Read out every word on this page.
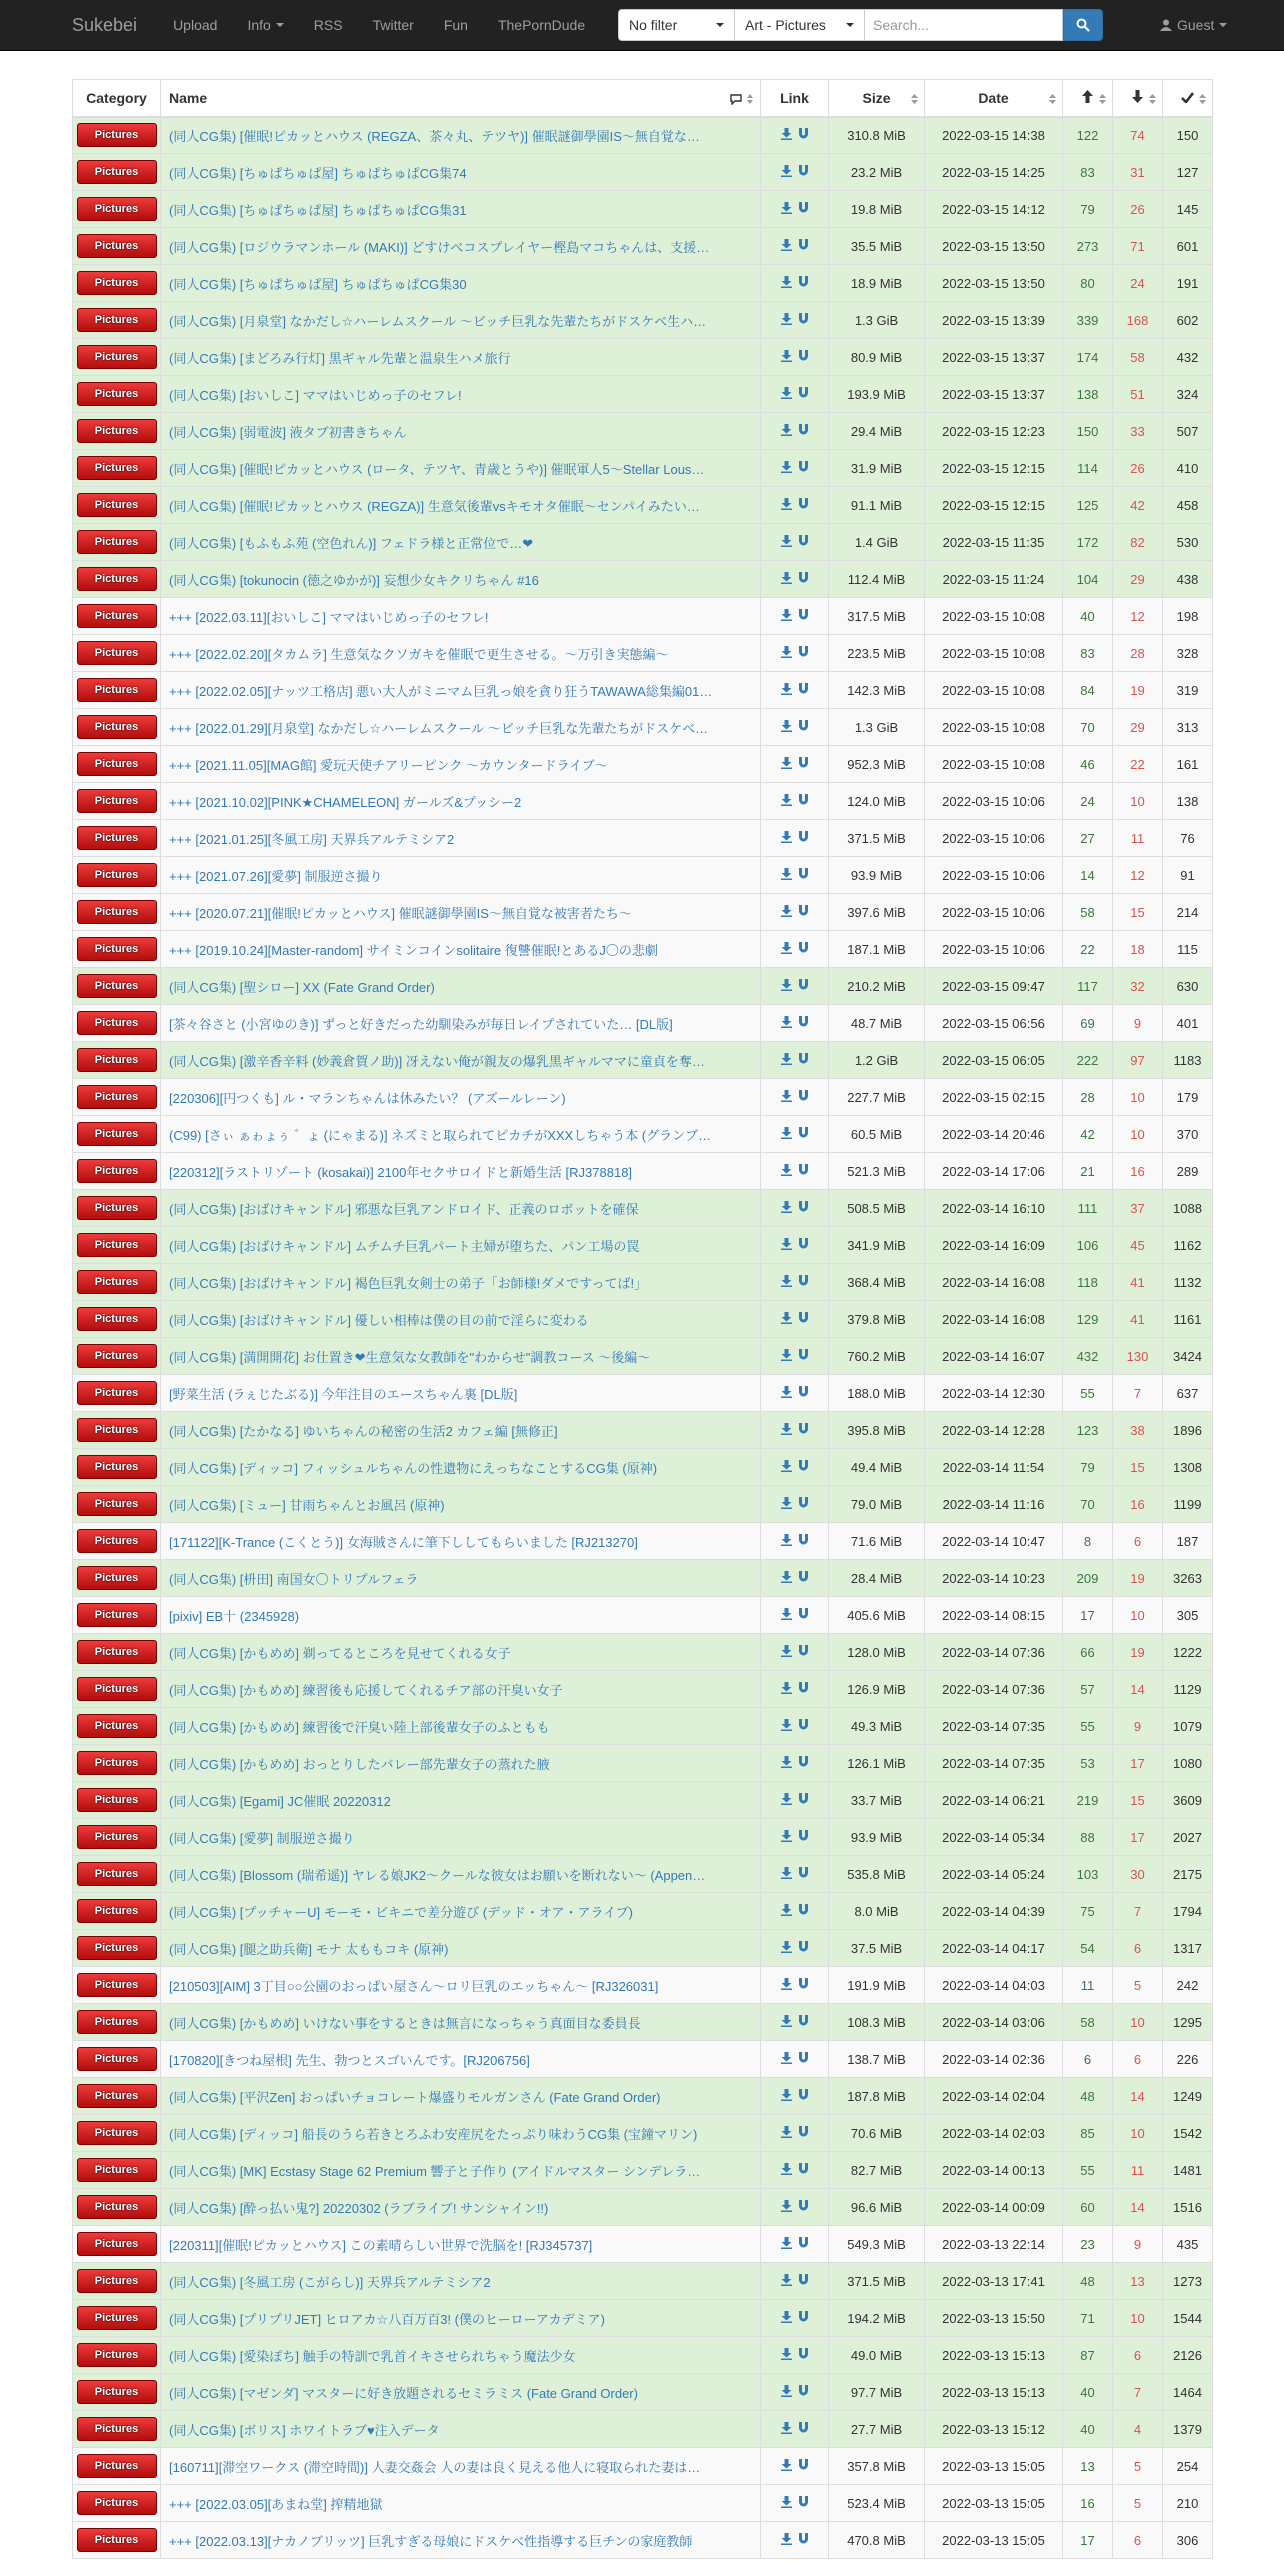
Sukebei	Upload Info	RSS Twitter Fun ThePornDude	No filter	Art - Pictures	Search...	Guest
Category	Name	Link	Size	Date

Pictures	(同人CG集) [催眠!ピカッとハウス (REGZA、茶々丸、テツヤ)] 催眠謎御學園IS～無自覚な…		310.8 MiB	2022-03-15 14:38	122	74	150
Pictures	(同人CG集) [ちゅぱちゅぱ屋] ちゅぱちゅぱCG集74		23.2 MiB	2022-03-15 14:25	83	31	127
Pictures	(同人CG集) [ちゅぱちゅぱ屋] ちゅぱちゅぱCG集31		19.8 MiB	2022-03-15 14:12	79	26	145
Pictures	(同人CG集) [ロジウラマンホール (MAKI)] どすけべコスプレイヤー樫島マコちゃんは、支援…		35.5 MiB	2022-03-15 13:50	273	71	601
Pictures	(同人CG集) [ちゅぱちゅぱ屋] ちゅぱちゅぱCG集30		18.9 MiB	2022-03-15 13:50	80	24	191
Pictures	(同人CG集) [月泉堂] なかだし☆ハーレムスクール ～ビッチ巨乳な先輩たちがドスケベ生ハ…		1.3 GiB	2022-03-15 13:39	339	168	602
Pictures	(同人CG集) [まどろみ行灯] 黒ギャル先輩と温泉生ハメ旅行		80.9 MiB	2022-03-15 13:37	174	58	432
Pictures	(同人CG集) [おいしこ] ママはいじめっ子のセフレ!		193.9 MiB	2022-03-15 13:37	138	51	324
Pictures	(同人CG集) [弱電波] 液タブ初書きちゃん		29.4 MiB	2022-03-15 12:23	150	33	507
Pictures	(同人CG集) [催眠!ピカッとハウス (ロータ、テツヤ、青歳とうや)] 催眠軍人5～Stellar Lous…		31.9 MiB	2022-03-15 12:15	114	26	410
Pictures	(同人CG集) [催眠!ピカッとハウス (REGZA)] 生意気後輩vsキモオタ催眠～センパイみたい…		91.1 MiB	2022-03-15 12:15	125	42	458
Pictures	(同人CG集) [もふもふ苑 (空色れん)] フェドラ様と正常位で…❤		1.4 GiB	2022-03-15 11:35	172	82	530
Pictures	(同人CG集) [tokunocin (徳之ゆかが)] 妄想少女キクリちゃん #16		112.4 MiB	2022-03-15 11:24	104	29	438
Pictures	+++ [2022.03.11][おいしこ] ママはいじめっ子のセフレ!		317.5 MiB	2022-03-15 10:08	40	12	198
Pictures	+++ [2022.02.20][タカムラ] 生意気なクソガキを催眠で更生させる。～万引き実態編～		223.5 MiB	2022-03-15 10:08	83	28	328
Pictures	+++ [2022.02.05][ナッツ工格店] 悪い大人がミニマム巨乳っ娘を貪り狂うTAWAWA総集編01…		142.3 MiB	2022-03-15 10:08	84	19	319
Pictures	+++ [2022.01.29][月泉堂] なかだし☆ハーレムスクール ～ビッチ巨乳な先輩たちがドスケベ…		1.3 GiB	2022-03-15 10:08	70	29	313
Pictures	+++ [2021.11.05][MAG館] 愛玩天使チアリーピンク ～カウンタードライブ～		952.3 MiB	2022-03-15 10:08	46	22	161
Pictures	+++ [2021.10.02][PINK★CHAMELEON] ガールズ&プッシー2		124.0 MiB	2022-03-15 10:06	24	10	138
Pictures	+++ [2021.01.25][冬風工房] 天界兵アルテミシア2		371.5 MiB	2022-03-15 10:06	27	11	76
Pictures	+++ [2021.07.26][愛夢] 制服逆さ撮り		93.9 MiB	2022-03-15 10:06	14	12	91
Pictures	+++ [2020.07.21][催眠!ピカッとハウス] 催眠謎御學園IS～無自覚な被害者たち～		397.6 MiB	2022-03-15 10:06	58	15	214
Pictures	+++ [2019.10.24][Master-random] サイミンコインsolitaire 復讐催眠!とあるJ〇の悲劇		187.1 MiB	2022-03-15 10:06	22	18	115
Pictures	(同人CG集) [聖シロー] XX (Fate Grand Order)		210.2 MiB	2022-03-15 09:47	117	32	630
Pictures	[茶々谷さと (小宮ゆのき)] ずっと好きだった幼馴染みが毎日レイプされていた… [DL版]		48.7 MiB	2022-03-15 06:56	69	9	401
Pictures	(同人CG集) [激辛香辛料 (妙義倉賀ノ助)] 冴えない俺が親友の爆乳黒ギャルママに童貞を奪…		1.2 GiB	2022-03-15 06:05	222	97	1183
Pictures	[220306][円つくも] ル・マランちゃんは休みたい？ (アズールレーン)		227.7 MiB	2022-03-15 02:15	28	10	179
Pictures	(C99) [さぃ ぁゎょぅ ゛ょ (にゃまる)] ネズミと取られてピカチがXXXしちゃう本 (グランブ…		60.5 MiB	2022-03-14 20:46	42	10	370
Pictures	[220312][ラストリゾート (kosakai)] 2100年セクサロイドと新婚生活 [RJ378818]		521.3 MiB	2022-03-14 17:06	21	16	289
Pictures	(同人CG集) [おばけキャンドル] 邪悪な巨乳アンドロイド、正義のロボットを確保		508.5 MiB	2022-03-14 16:10	111	37	1088
Pictures	(同人CG集) [おばけキャンドル] ムチムチ巨乳パート主婦が堕ちた、パン工場の罠		341.9 MiB	2022-03-14 16:09	106	45	1162
Pictures	(同人CG集) [おばけキャンドル] 褐色巨乳女剣士の弟子「お師様!ダメですってば!」		368.4 MiB	2022-03-14 16:08	118	41	1132
Pictures	(同人CG集) [おばけキャンドル] 優しい相棒は僕の目の前で淫らに変わる		379.8 MiB	2022-03-14 16:08	129	41	1161
Pictures	(同人CG集) [満開開花] お仕置き❤生意気な女教師を"わからせ"調教コース ～後編～		760.2 MiB	2022-03-14 16:07	432	130	3424
Pictures	[野菜生活 (ラぇじたぶる)] 今年注目のエースちゃん裏 [DL版]		188.0 MiB	2022-03-14 12:30	55	7	637
Pictures	(同人CG集) [たかなる] ゆいちゃんの秘密の生活2 カフェ編 [無修正]		395.8 MiB	2022-03-14 12:28	123	38	1896
Pictures	(同人CG集) [ディッコ] フィッシュルちゃんの性遺物にえっちなことするCG集 (原神)		49.4 MiB	2022-03-14 11:54	79	15	1308
Pictures	(同人CG集) [ミュー] 甘雨ちゃんとお風呂 (原神)		79.0 MiB	2022-03-14 11:16	70	16	1199
Pictures	[171122][K-Trance (こくとう)] 女海賊さんに筆下ししてもらいました [RJ213270]		71.6 MiB	2022-03-14 10:47	8	6	187
Pictures	(同人CG集) [枡田] 南国女〇トリプルフェラ		28.4 MiB	2022-03-14 10:23	209	19	3263
Pictures	[pixiv] EB十 (2345928)		405.6 MiB	2022-03-14 08:15	17	10	305
Pictures	(同人CG集) [かもめめ] 剃ってるところを見せてくれる女子		128.0 MiB	2022-03-14 07:36	66	19	1222
Pictures	(同人CG集) [かもめめ] 練習後も応援してくれるチア部の汗臭い女子		126.9 MiB	2022-03-14 07:36	57	14	1129
Pictures	(同人CG集) [かもめめ] 練習後で汗臭い陸上部後輩女子のふともも		49.3 MiB	2022-03-14 07:35	55	9	1079
Pictures	(同人CG集) [かもめめ] おっとりしたバレー部先輩女子の蒸れた腋		126.1 MiB	2022-03-14 07:35	53	17	1080
Pictures	(同人CG集) [Egami] JC催眠 20220312		33.7 MiB	2022-03-14 06:21	219	15	3609
Pictures	(同人CG集) [愛夢] 制服逆さ撮り		93.9 MiB	2022-03-14 05:34	88	17	2027
Pictures	(同人CG集) [Blossom (瑞希遥)] ヤレる娘JK2～クールな彼女はお願いを断れない～ (Appen…		535.8 MiB	2022-03-14 05:24	103	30	2175
Pictures	(同人CG集) [プッチャーU] モーモ・ビキニで差分遊び (デッド・オア・アライブ)		8.0 MiB	2022-03-14 04:39	75	7	1794
Pictures	(同人CG集) [腿之助兵衛] モナ 太ももコキ (原神)		37.5 MiB	2022-03-14 04:17	54	6	1317
Pictures	[210503][AIM] 3丁目○○公園のおっぱい屋さん～ロリ巨乳のエッちゃん～ [RJ326031]		191.9 MiB	2022-03-14 04:03	11	5	242
Pictures	(同人CG集) [かもめめ] いけない事をするときは無言になっちゃう真面目な委員長		108.3 MiB	2022-03-14 03:06	58	10	1295
Pictures	[170820][きつね屋根] 先生、勃つとスゴいんです。[RJ206756]		138.7 MiB	2022-03-14 02:36	6	6	226
Pictures	(同人CG集) [平沢Zen] おっぱいチョコレート爆盛りモルガンさん (Fate Grand Order)		187.8 MiB	2022-03-14 02:04	48	14	1249
Pictures	(同人CG集) [ディッコ] 船長のうら若きとろふわ安産尻をたっぷり味わうCG集 (宝鐘マリン)		70.6 MiB	2022-03-14 02:03	85	10	1542
Pictures	(同人CG集) [MK] Ecstasy Stage 62 Premium 響子と子作り (アイドルマスター シンデレラ…		82.7 MiB	2022-03-14 00:13	55	11	1481
Pictures	(同人CG集) [酔っ払い鬼?] 20220302 (ラブライブ! サンシャイン!!)		96.6 MiB	2022-03-14 00:09	60	14	1516
Pictures	[220311][催眠!ピカッとハウス] この素晴らしい世界で洗脳を! [RJ345737]		549.3 MiB	2022-03-13 22:14	23	9	435
Pictures	(同人CG集) [冬風工房 (こがらし)] 天界兵アルテミシア2		371.5 MiB	2022-03-13 17:41	48	13	1273
Pictures	(同人CG集) [プリプリJET] ヒロアカ☆八百万百3! (僕のヒーローアカデミア)		194.2 MiB	2022-03-13 15:50	71	10	1544
Pictures	(同人CG集) [愛染ぽち] 触手の特訓で乳首イキさせられちゃう魔法少女		49.0 MiB	2022-03-13 15:13	87	6	2126
Pictures	(同人CG集) [マゼンダ] マスターに好き放題されるセミラミス (Fate Grand Order)		97.7 MiB	2022-03-13 15:13	40	7	1464
Pictures	(同人CG集) [ボリス] ホワイトラブ♥注入データ		27.7 MiB	2022-03-13 15:12	40	4	1379
Pictures	[160711][滞空ワークス (滞空時間)] 人妻交姦会 人の妻は良く見える他人に寝取られた妻は…		357.8 MiB	2022-03-13 15:05	13	5	254
Pictures	+++ [2022.03.05][あまね堂] 搾精地獄		523.4 MiB	2022-03-13 15:05	16	5	210
Pictures	+++ [2022.03.13][ナカノブリッツ] 巨乳すぎる母娘にドスケベ性指導する巨チンの家庭教師		470.8 MiB	2022-03-13 15:05	17	6	306
